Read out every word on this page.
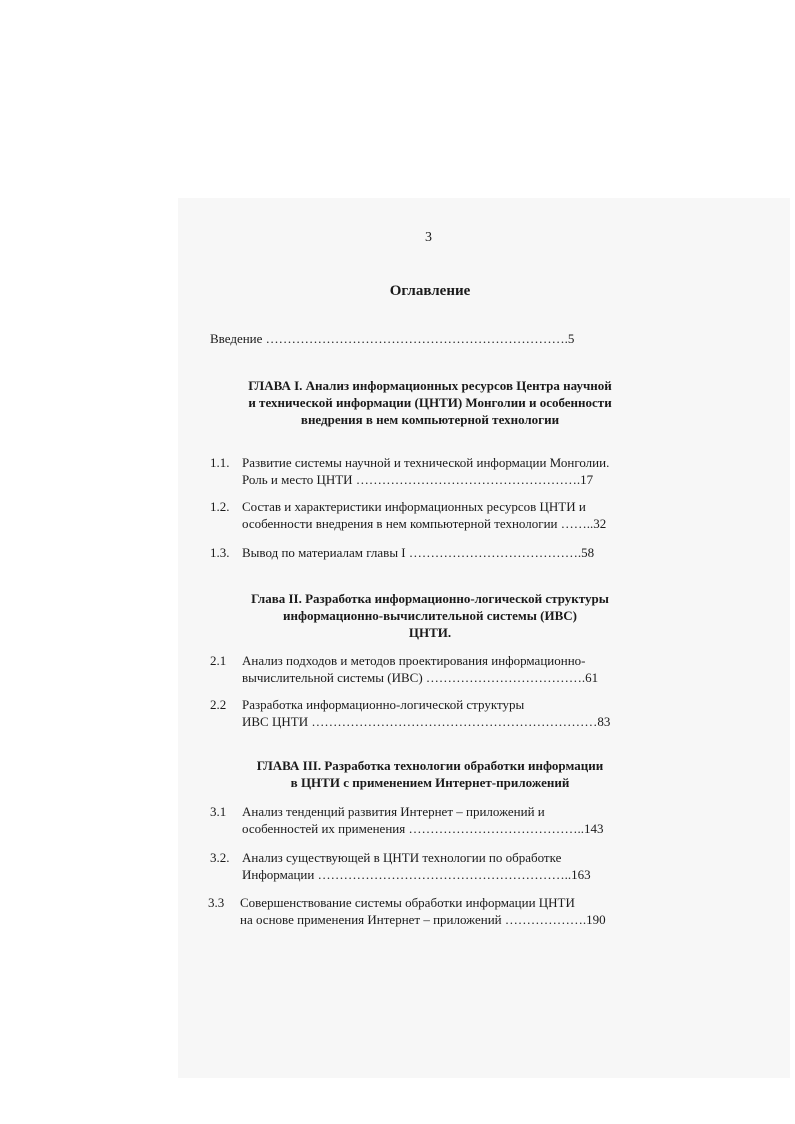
3
Оглавление
Введение …………………………………………………………….5
ГЛАВА I. Анализ информационных ресурсов Центра научной
и технической информации (ЦНТИ) Монголии и особенности
внедрения в нем компьютерной технологии
1.1. Развитие системы научной и технической информации Монголии.
Роль и место ЦНТИ …………………………………………….17
1.2. Состав и характеристики информационных ресурсов ЦНТИ и
особенности внедрения в нем компьютерной технологии ……..32
1.3. Вывод по материалам главы I ………………………………….58
Глава II. Разработка информационно-логической структуры
информационно-вычислительной системы (ИВС)
ЦНТИ.
2.1 Анализ подходов и методов проектирования информационно-
вычислительной системы (ИВС) ……………………………….61
2.2 Разработка информационно-логической структуры
ИВС ЦНТИ …………………………………………………………83
ГЛАВА III. Разработка технологии обработки информации
в ЦНТИ с применением Интернет-приложений
3.1 Анализ тенденций развития Интернет – приложений и
особенностей их применения …………………………………..143
3.2. Анализ существующей в ЦНТИ технологии по обработке
Информации …………………………………………………..163
3.3 Совершенствование системы обработки информации ЦНТИ
на основе применения Интернет – приложений ……………….190
